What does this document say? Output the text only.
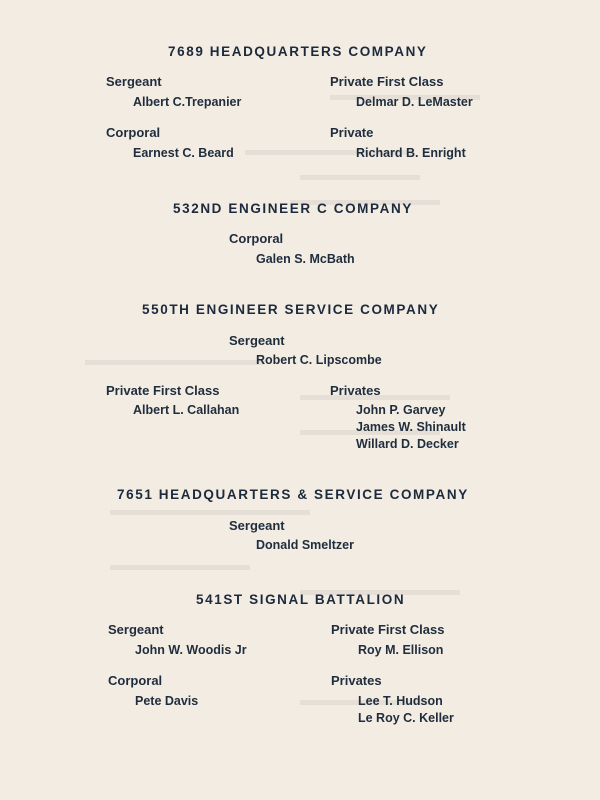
7689 HEADQUARTERS COMPANY
Sergeant
Albert C.Trepanier
Private First Class
Delmar D. LeMaster
Corporal
Earnest C. Beard
Private
Richard B. Enright
532ND ENGINEER C COMPANY
Corporal
Galen S. McBath
550TH ENGINEER SERVICE COMPANY
Sergeant
Robert C. Lipscombe
Private First Class
Albert L. Callahan
Privates
John P. Garvey
James W. Shinault
Willard D. Decker
7651 HEADQUARTERS & SERVICE COMPANY
Sergeant
Donald Smeltzer
541ST SIGNAL BATTALION
Sergeant
John W. Woodis Jr
Private First Class
Roy M. Ellison
Corporal
Pete Davis
Privates
Lee T. Hudson
Le Roy C. Keller
